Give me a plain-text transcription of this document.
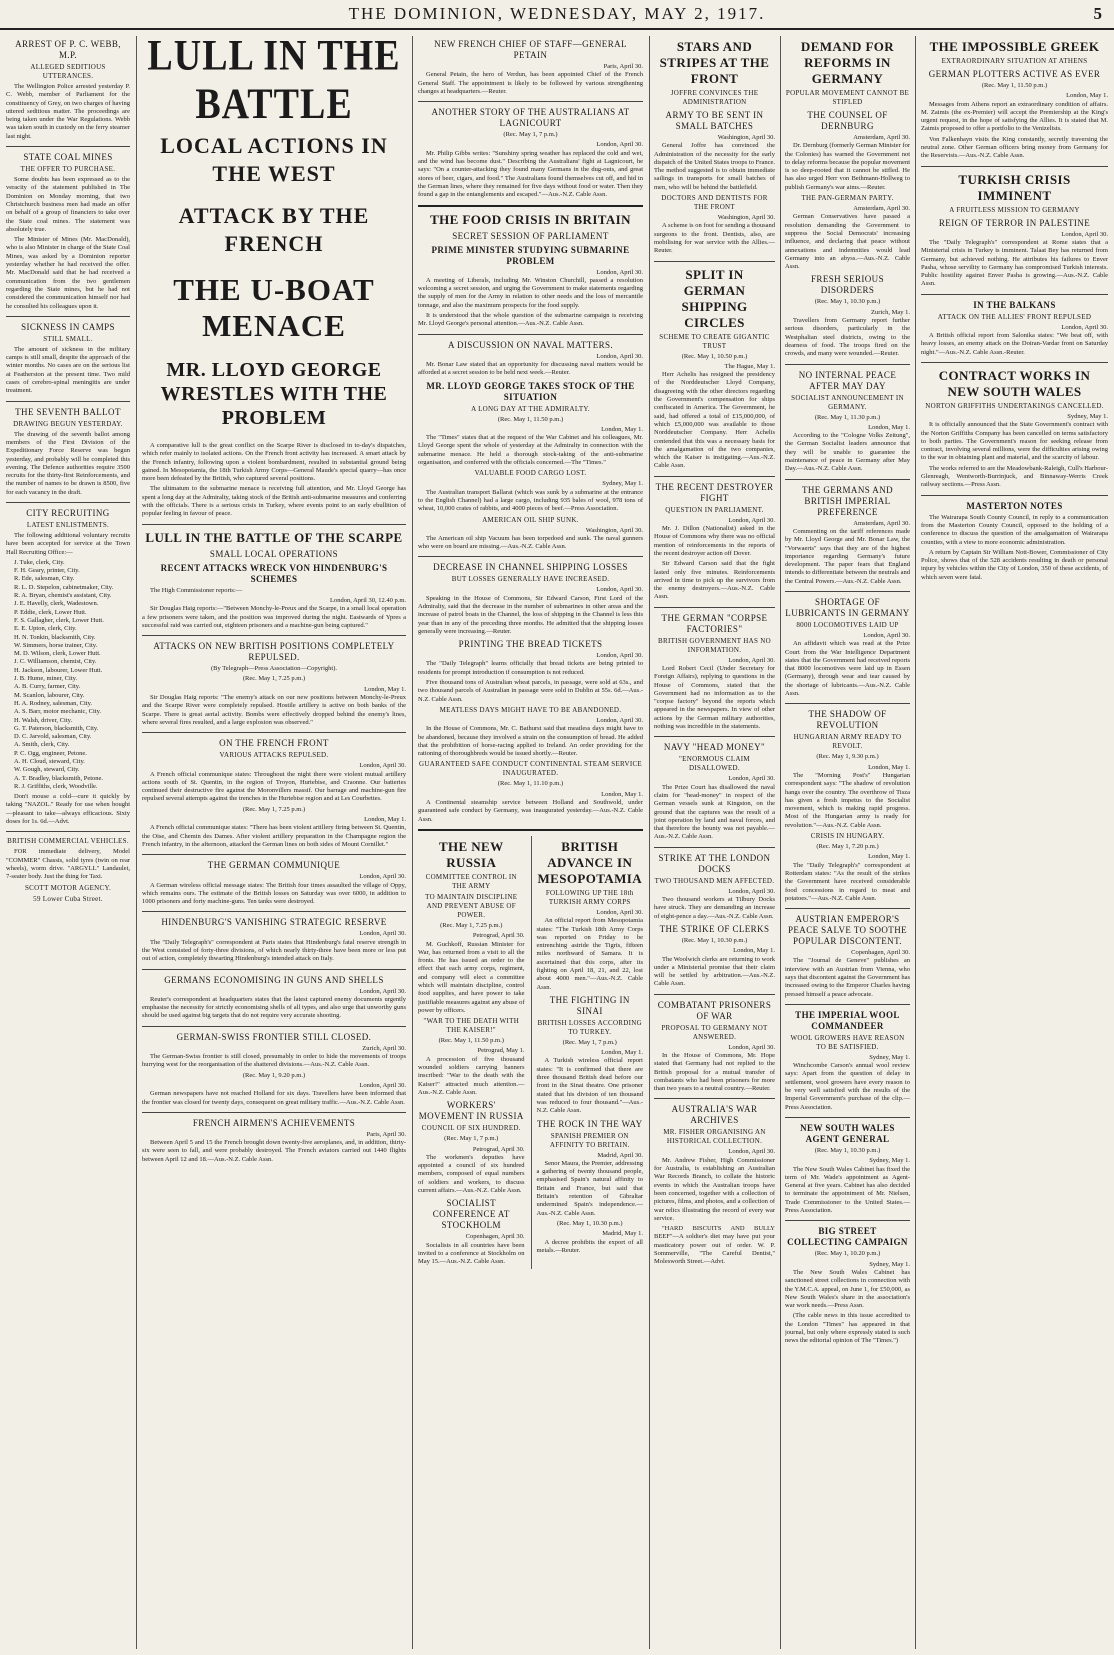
THE DOMINION, WEDNESDAY, MAY 2, 1917.	5
ARREST OF P. C. WEBB, M.P.
ALLEGED SEDITIOUS UTTERANCES.

The Wellington Police arrested yesterday P. C. Webb, member of Parliament for the constituency of Grey, on two charges of having uttered seditious matter. The proceedings are being taken under the War Regulations. Webb was taken south in custody on the ferry steamer last night.

STATE COAL MINES
THE OFFER TO PURCHASE.

Some doubts has been expressed as to the veracity of the statement published in The Dominion on Monday morning, that two Christchurch business men had made an offer on behalf of a group of financiers to take over the State coal mines. The statement was absolutely true.

The Minister of Mines (Mr. MacDonald), who is also Minister in charge of the State Coal Mines, was asked by a Dominion reporter yesterday whether he had received the offer. Mr. MacDonald said that he had received a communication from the two gentlemen regarding the State mines, but he had not considered the communication himself nor had he consulted his colleagues upon it.

SICKNESS IN CAMPS
STILL SMALL.

The amount of sickness in the military camps is still small, despite the approach of the winter months. No cases are on the serious list at Featherston at the present time. Two mild cases of cerebro-spinal meningitis are under treatment.

THE SEVENTH BALLOT
DRAWING BEGUN YESTERDAY.

The drawing of the seventh ballot among members of the First Division of the Expeditionary Force Reserve was begun yesterday, and probably will be completed this evening. The Defence authorities require 3500 recruits for the thirty-first Reinforcements, and the number of names to be drawn is 8500, five for each vacancy in the draft.

CITY RECRUITING
LATEST ENLISTMENTS.

The following additional voluntary recruits have been accepted for service at the Town Hall Recruiting Office:—

J. Tuke, clerk, City.
F. H. Geary, printer, City.
R. Ede, salesman, City.
R. L. D. Stepelon, cabinetmaker, City.
R. A. Bryan, chemist's assistant, City.
J. E. Havelly, clerk, Wadestown.
P. Eddie, clerk, Lower Hutt.
F. S. Gallagher, clerk, Lower Hutt.
E. E. Upton, clerk, City.
H. N. Tonkin, blacksmith, City.
W. Simmers, horse trainer, City.
M. D. Wilson, clerk, Lower Hutt.
J. C. Williamson, chemist, City.
H. Jackson, labourer, Lower Hutt.
J. B. Hume, miner, City.
A. B. Curry, farmer, City.
M. Scanlon, labourer, City.
H. A. Rodney, salesman, City.
A. S. Barr, motor mechanic, City.
H. Walsh, driver, City.
G. T. Paterson, blacksmith, City.
D. C. Jarvold, salesman, City.
A. Smith, clerk, City.
P. C. Ogg, engineer, Petone.
A. H. Cloud, steward, City.
W. Gough, steward, City.
A. T. Bradley, blacksmith, Petone.
R. J. Griffiths, clerk, Woodville.

Don't mouse a cold—cure it quickly by taking "NAZOL." Ready for use when bought—pleasant to take—always efficacious. Sixty doses for 1s. 6d.—Advt.

BRITISH COMMERCIAL VEHICLES.

FOR immediate delivery, Model "COMMER" Chassis, solid tyres (twin on rear wheels), worm drive. "ARGYLL" Landaulet, 7-seater body. Just the thing for Taxi.

SCOTT MOTOR AGENCY.
59 Lower Cuba Street.
LULL IN THE BATTLE
LOCAL ACTIONS IN THE WEST
ATTACK BY THE FRENCH
THE U-BOAT MENACE
MR. LLOYD GEORGE WRESTLES WITH THE PROBLEM

A comparative lull is the great conflict on the Scarpe River is disclosed in to-day's dispatches, which refer mainly to isolated actions. On the French front activity has increased. A smart attack by the French infantry, following upon a violent bombardment, resulted in substantial ground being gained. In Mesopotamia, the 18th Turkish Army Corps—General Maude's special quarry—has once more been defeated by the British, who captured several positions.

The ultimatum to the submarine menace is receiving full attention, and Mr. Lloyd George has spent a long day at the Admiralty, taking stock of the British anti-submarine measures and conferring with the officials. There is a serious crisis in Turkey, where events point to an early ebullition of popular feeling in favour of peace.

LULL IN THE BATTLE OF THE SCARPE
SMALL LOCAL OPERATIONS
RECENT ATTACKS WRECK VON HINDENBURG'S SCHEMES

The High Commissioner reports:—

London, April 30, 12.40 p.m.

Sir Douglas Haig reports:—"Between Monchy-le-Preux and the Scarpe, in a small local operation a few prisoners were taken, and the position was improved during the night. Eastwards of Ypres a successful raid was carried out, eighteen prisoners and a machine-gun being captured."

ATTACKS ON NEW BRITISH POSITIONS COMPLETELY REPULSED.
(By Telegraph—Press Association—Copyright).
(Rec. May 1, 7.25 p.m.)
London, May 1.

Sir Douglas Haig reports: "The enemy's attack on our new positions between Monchy-le-Preux and the Scarpe River were completely repulsed. Hostile artillery is active on both banks of the Scarpe. There is great aerial activity. Bombs were effectively dropped behind the enemy's lines, where several fires resulted, and a large explosion was observed."

ON THE FRENCH FRONT
VARIOUS ATTACKS REPULSED.
London, April 30.

A French official communique states: Throughout the night there were violent mutual artillery actions south of St. Quentin, in the region of Troyon, Hurtebise, and Craonne. Our batteries continued their destructive fire against the Moronvillers massif. Our barrage and machine-gun fire repulsed several attempts against the trenches in the Hurtebise region and at Les Courbettes.

(Rec. May 1, 7.25 p.m.)
London, May 1.

A French official communique states: "There has been violent artillery firing between St. Quentin, the Oise, and Chemin des Dames. After violent artillery preparation in the Champagne region the French infantry, in the afternoon, attacked the German lines on both sides of Mount Cornillet."

THE GERMAN COMMUNIQUE
London, April 30.

A German wireless official message states: The British four times assaulted the village of Oppy, which remains ours. The estimate of the British losses on Saturday was over 6000, in addition to 1000 prisoners and forty machine-guns. Ten tanks were destroyed.

HINDENBURG'S VANISHING STRATEGIC RESERVE
London, April 30.

The "Daily Telegraph's" correspondent at Paris states that Hindenburg's fatal reserve strength in the West consisted of forty-three divisions, of which nearly thirty-three have been more or less put out of action, completely thwarting Hindenburg's intended attack on Italy.

GERMANS ECONOMISING IN GUNS AND SHELLS
London, April 30.

Reuter's correspondent at headquarters states that the latest captured enemy documents urgently emphasise the necessity for strictly economising shells of all types, and also urge that unworthy guns should be used against big targets that do not require very accurate shooting.

GERMAN-SWISS FRONTIER STILL CLOSED.
Zurich, April 30.

The German-Swiss frontier is still closed, presumably in order to hide the movements of troops hurrying west for the reorganisation of the shattered divisions.—Aus.-N.Z. Cable Assn.

(Rec. May 1, 9.20 p.m.)
London, April 30.

German newspapers have not reached Holland for six days. Travellers have been informed that the frontier was closed for twenty days, consequent on great military traffic.—Aus.-N.Z. Cable Assn.

FRENCH AIRMEN'S ACHIEVEMENTS
Paris, April 30.

Between April 5 and 15 the French brought down twenty-five aeroplanes, and, in addition, thirty-six were seen to fall, and were probably destroyed. The French aviators carried out 1440 flights between April 12 and 18.—Aus.-N.Z. Cable Assn.

NEW FRENCH CHIEF OF STAFF—GENERAL PETAIN
Paris, April 30.

General Petain, the hero of Verdun, has been appointed Chief of the French General Staff. The appointment is likely to be followed by various strengthening changes at headquarters.—Reuter.

ANOTHER STORY OF THE AUSTRALIANS AT LAGNICOURT
(Rec. May 1, 7 p.m.)
London, April 30.

Mr. Philip Gibbs writes: "Sunshiny spring weather has replaced the cold and wet, and the wind has become dust." Describing the Australians' fight at Lagnicourt, he says: "On a counter-attacking they found many Germans in the dug-outs, and great stores of beer, cigars, and food." The Australians found themselves cut off, and hid in the German lines, where they remained for five days without food or water. Then they found a gap in the entanglements and escaped."—Aus.-N.Z. Cable Assn.

THE FOOD CRISIS IN BRITAIN
SECRET SESSION OF PARLIAMENT
PRIME MINISTER STUDYING SUBMARINE PROBLEM
London, April 30.

A meeting of Liberals, including Mr. Winston Churchill, passed a resolution welcoming a secret session, and urging the Government to make statements regarding the supply of men for the Army in relation to other needs and the loss of mercantile tonnage, and also the maximum prospects for the food supply.

It is understood that the whole question of the submarine campaign is receiving Mr. Lloyd George's personal attention.—Aus.-N.Z. Cable Assn.

A DISCUSSION ON NAVAL MATTERS.
London, April 30.

Mr. Bonar Law stated that an opportunity for discussing naval matters would be afforded at a secret session to be held next week.—Reuter.

MR. LLOYD GEORGE TAKES STOCK OF THE SITUATION
A LONG DAY AT THE ADMIRALTY.
(Rec. May 1, 11.50 p.m.)
London, May 1.

The "Times" states that at the request of the War Cabinet and his colleagues, Mr. Lloyd George spent the whole of yesterday at the Admiralty in connection with the submarine menace. He held a thorough stock-taking of the anti-submarine organisation, and conferred with the officials concerned.—The "Times."

VALUABLE FOOD CARGO LOST.
Sydney, May 1.

The Australian transport Ballarat (which was sunk by a submarine at the entrance to the English Channel) had a large cargo, including 935 bales of wool, 978 tons of wheat, 10,000 crates of rabbits, and 4000 pieces of beef.—Press Association.

AMERICAN OIL SHIP SUNK.
Washington, April 30.

The American oil ship Vacuum has been torpedoed and sunk. The naval gunners who were on board are missing.—Aus.-N.Z. Cable Assn.

DECREASE IN CHANNEL SHIPPING LOSSES
BUT LOSSES GENERALLY HAVE INCREASED.
London, April 30.

Speaking in the House of Commons, Sir Edward Carson, First Lord of the Admiralty, said that the decrease in the number of submarines in other areas and the increase of patrol boats in the Channel, the loss of shipping in the Channel is less this year than in any of the preceding three months. He admitted that the shipping losses generally were increasing.—Reuter.

PRINTING THE BREAD TICKETS
London, April 30.

The "Daily Telegraph" learns officially that bread tickets are being printed to residents for prompt introduction if consumption is not reduced.

Five thousand tons of Australian wheat parcels, in passage, were sold at 63s., and two thousand parcels of Australian in passage were sold in Dublin at 55s. 6d.—Aus.-N.Z. Cable Assn.

MEATLESS DAYS MIGHT HAVE TO BE ABANDONED.
London, April 30.

In the House of Commons, Mr. C. Bathurst said that meatless days might have to be abandoned, because they involved a strain on the consumption of bread. He added that the prohibition of horse-racing applied to Ireland. An order providing for the rationing of thoroughbreds would be issued shortly.—Reuter.

GUARANTEED SAFE CONDUCT CONTINENTAL STEAM SERVICE INAUGURATED.
(Rec. May 1, 11.10 p.m.)
London, May 1.

A Continental steamship service between Holland and Southwold, under guaranteed safe conduct by Germany, was inaugurated yesterday.—Aus.-N.Z. Cable Assn.

THE NEW RUSSIA
COMMITTEE CONTROL IN THE ARMY
TO MAINTAIN DISCIPLINE AND PREVENT ABUSE OF POWER.
(Rec. May 1, 7.25 p.m.)
Petrograd, April 30.

M. Guchkoff, Russian Minister for War, has returned from a visit to all the fronts. He has issued an order to the effect that each army corps, regiment, and company will elect a committee which will maintain discipline, control food supplies, and have power to take justifiable measures against any abuse of power by officers.

"WAR TO THE DEATH WITH THE KAISER!"
(Rec. May 1, 11.50 p.m.)
Petrograd, May 1.

A procession of five thousand wounded soldiers carrying banners inscribed: "War to the death with the Kaiser!" attracted much attention.—Aus.-N.Z. Cable Assn.

WORKERS' MOVEMENT IN RUSSIA
COUNCIL OF SIX HUNDRED.
(Rec. May 1, 7 p.m.)
Petrograd, April 30.

The workmen's deputies have appointed a council of six hundred members, composed of equal numbers of soldiers and workers, to discuss current affairs.—Aus.-N.Z. Cable Assn.

SOCIALIST CONFERENCE AT STOCKHOLM
Copenhagen, April 30.

Socialists in all countries have been invited to a conference at Stockholm on May 15.—Aus.-N.Z. Cable Assn.

BRITISH ADVANCE IN MESOPOTAMIA
FOLLOWING UP THE 18th TURKISH ARMY CORPS
London, April 30.

An official report from Mesopotamia states: "The Turkish 18th Army Corps was reported on Friday to be entrenching astride the Tigris, fifteen miles northward of Samara. It is ascertained that this corps, after its fighting on April 18, 21, and 22, lost about 4000 men."—Aus.-N.Z. Cable Assn.

THE FIGHTING IN SINAI
BRITISH LOSSES ACCORDING TO TURKEY.
(Rec. May 1, 7 p.m.)
London, May 1.

A Turkish wireless official report states: "It is confirmed that there are three thousand British dead before our front in the Sinai theatre. One prisoner stated that his division of ten thousand was reduced to four thousand."—Aus.-N.Z. Cable Assn.

THE ROCK IN THE WAY
SPANISH PREMIER ON AFFINITY TO BRITAIN.
Madrid, April 30.

Senor Maura, the Premier, addressing a gathering of twenty thousand people, emphasised Spain's natural affinity to Britain and France, but said that Britain's retention of Gibraltar undermined Spain's independence.—Aus.-N.Z. Cable Assn.

(Rec. May 1, 10.30 p.m.)
Madrid, May 1.

A decree prohibits the export of all metals.—Reuter.

STARS AND STRIPES AT THE FRONT
JOFFRE CONVINCES THE ADMINISTRATION
ARMY TO BE SENT IN SMALL BATCHES
Washington, April 30.

General Joffre has convinced the Administration of the necessity for the early dispatch of the United States troops to France. The method suggested is to obtain immediate sailings in transports for small batches of men, who will be behind the battlefield.

DOCTORS AND DENTISTS FOR THE FRONT
Washington, April 30.

A scheme is on foot for sending a thousand surgeons to the front. Dentists, also, are mobilising for war service with the Allies.—Reuter.

SPLIT IN GERMAN SHIPPING CIRCLES
SCHEME TO CREATE GIGANTIC TRUST
(Rec. May 1, 10.50 p.m.)
The Hague, May 1.

Herr Achelis has resigned the presidency of the Norddeutscher Lloyd Company, disagreeing with the other directors regarding the Government's compensation for ships confiscated in America. The Government, he said, had offered a total of £15,000,000, of which £5,000,000 was available to those Norddeutscher Company. Herr Achelis contended that this was a necessary basis for the amalgamation of the two companies, which the Kaiser is instigating.—Aus.-N.Z. Cable Assn.

THE RECENT DESTROYER FIGHT
QUESTION IN PARLIAMENT.
London, April 30.

Mr. J. Dillon (Nationalist) asked in the House of Commons why there was no official mention of reinforcements in the reports of the recent destroyer action off Dover.

Sir Edward Carson said that the fight lasted only five minutes. Reinforcements arrived in time to pick up the survivors from the enemy destroyers.—Aus.-N.Z. Cable Assn.

THE GERMAN "CORPSE FACTORIES"
BRITISH GOVERNMENT HAS NO INFORMATION.
London, April 30.

Lord Robert Cecil (Under Secretary for Foreign Affairs), replying to questions in the House of Commons, stated that the Government had no information as to the "corpse factory" beyond the reports which appeared in the newspapers. In view of other actions by the German military authorities, nothing was incredible in the statements.

NAVY "HEAD MONEY"
"ENORMOUS CLAIM DISALLOWED.
London, April 30.

The Prize Court has disallowed the naval claim for "head-money" in respect of the German vessels sunk at Kingston, on the ground that the captures was the result of a joint operation by land and naval forces, and that therefore the bounty was not payable.—Aus.-N.Z. Cable Assn.

STRIKE AT THE LONDON DOCKS
TWO THOUSAND MEN AFFECTED.
London, April 30.

Two thousand workers at Tilbury Docks have struck. They are demanding an increase of eight-pence a day.—Aus.-N.Z. Cable Assn.

THE STRIKE OF CLERKS
(Rec. May 1, 10.30 p.m.)
London, May 1.

The Woolwich clerks are returning to work under a Ministerial promise that their claim will be settled by arbitration.—Aus.-N.Z. Cable Assn.

COMBATANT PRISONERS OF WAR
PROPOSAL TO GERMANY NOT ANSWERED.
London, April 30.

In the House of Commons, Mr. Hope stated that Germany had not replied to the British proposal for a mutual transfer of combatants who had been prisoners for more than two years to a neutral country.—Reuter.

AUSTRALIA'S WAR ARCHIVES
MR. FISHER ORGANISING AN HISTORICAL COLLECTION.
London, April 30.

Mr. Andrew Fisher, High Commissioner for Australia, is establishing an Australian War Records Branch, to collate the historic events in which the Australian troops have been concerned, together with a collection of pictures, films, and photos, and a collection of war relics illustrating the record of every war service.

"HARD BISCUITS AND BULLY BEEF"—A soldier's diet may have put your masticatory power out of order. W. P. Sommerville, "The Careful Dentist," Molesworth Street.—Advt.

DEMAND FOR REFORMS IN GERMANY
POPULAR MOVEMENT CANNOT BE STIFLED
THE COUNSEL OF DERNBURG
Amsterdam, April 30.

Dr. Dernburg (formerly German Minister for the Colonies) has warned the Government not to delay reforms because the popular movement is so deep-rooted that it cannot be stifled. He has also urged Herr von Bethmann-Hollweg to publish Germany's war aims.—Reuter.

THE PAN-GERMAN PARTY.
Amsterdam, April 30.

German Conservatives have passed a resolution demanding the Government to suppress the Social Democrats' increasing influence, and declaring that peace without annexations and indemnities would lead Germany into an abyss.—Aus.-N.Z. Cable Assn.

FRESH SERIOUS DISORDERS
(Rec. May 1, 10.30 p.m.)
Zurich, May 1.

Travellers from Germany report further serious disorders, particularly in the Westphalian steel districts, owing to the dearness of food. The troops fired on the crowds, and many were wounded.—Reuter.

NO INTERNAL PEACE AFTER MAY DAY
SOCIALIST ANNOUNCEMENT IN GERMANY.
(Rec. May 1, 11.30 p.m.)
London, May 1.

According to the "Cologne Volks Zeitung", the German Socialist leaders announce that they will be unable to guarantee the maintenance of peace in Germany after May Day.—Aus.-N.Z. Cable Assn.

THE GERMANS AND BRITISH IMPERIAL PREFERENCE
Amsterdam, April 30.

Commenting on the tariff references made by Mr. Lloyd George and Mr. Bonar Law, the "Vorwaerts" says that they are of the highest importance regarding Germany's future development. The paper fears that England intends to differentiate between the neutrals and the Central Powers.—Aus.-N.Z. Cable Assn.

SHORTAGE OF LUBRICANTS IN GERMANY
8000 LOCOMOTIVES LAID UP
London, April 30.

An affidavit which was read at the Prize Court from the War Intelligence Department states that the Government had received reports that 8000 locomotives were laid up in Essen (Germany), through wear and tear caused by the shortage of lubricants.—Aus.-N.Z. Cable Assn.

THE SHADOW OF REVOLUTION
HUNGARIAN ARMY READY TO REVOLT.
(Rec. May 1, 9.30 p.m.)
London, May 1.

The "Morning Post's" Hungarian correspondent says: "The shadow of revolution hangs over the country. The overthrow of Tisza has given a fresh impetus to the Socialist movement, which is making rapid progress. Most of the Hungarian army is ready for revolution."—Aus.-N.Z. Cable Assn.

CRISIS IN HUNGARY.
(Rec. May 1, 7.20 p.m.)
London, May 1.

The "Daily Telegraph's" correspondent at Rotterdam states: "As the result of the strikes the Government have received considerable food concessions in regard to meat and potatoes."—Aus.-N.Z. Cable Assn.

AUSTRIAN EMPEROR'S PEACE SALVE TO SOOTHE POPULAR DISCONTENT.
Copenhagen, April 30.

The "Journal de Geneve" publishes an interview with an Austrian from Vienna, who says that discontent against the Government has increased owing to the Emperor Charles having pressed himself a peace advocate.

THE IMPERIAL WOOL COMMANDEER
WOOL GROWERS HAVE REASON TO BE SATISFIED.
Sydney, May 1.

Winchcombe Carson's annual wool review says: Apart from the question of delay in settlement, wool growers have every reason to be very well satisfied with the results of the Imperial Government's purchase of the clip.—Press Association.

NEW SOUTH WALES AGENT GENERAL
(Rec. May 1, 10.30 p.m.)
Sydney, May 1.

The New South Wales Cabinet has fixed the term of Mr. Wade's appointment as Agent-General at five years. Cabinet has also decided to terminate the appointment of Mr. Nielsen, Trade Commissioner to the United States.—Press Association.

BIG STREET COLLECTING CAMPAIGN
(Rec. May 1, 10.20 p.m.)
Sydney, May 1.

The New South Wales Cabinet has sanctioned street collections in connection with the Y.M.C.A. appeal, on June 1, for £50,000, as New South Wales's share in the association's war work needs.—Press Assn.

(The cable news in this issue accredited to the London "Times" has appeared in that journal, but only where expressly stated is such news the editorial opinion of The "Times.")

THE IMPOSSIBLE GREEK
EXTRAORDINARY SITUATION AT ATHENS
GERMAN PLOTTERS ACTIVE AS EVER
(Rec. May 1, 11.50 p.m.)
London, May 1.

Messages from Athens report an extraordinary condition of affairs. M. Zaimis (the ex-Premier) will accept the Premiership at the King's urgent request, in the hope of satisfying the Allies. It is stated that M. Zaimis proposed to offer a portfolio to the Venizelists.

Von Falkenhayn visits the King constantly, secretly traversing the neutral zone. Other German officers bring money from Germany for the Reservists.—Aus.-N.Z. Cable Assn.

TURKISH CRISIS IMMINENT
A FRUITLESS MISSION TO GERMANY
REIGN OF TERROR IN PALESTINE
London, April 30.

The "Daily Telegraph's" correspondent at Rome states that a Ministerial crisis in Turkey is imminent. Talaat Bey has returned from Germany, but achieved nothing. He attributes his failures to Enver Pasha, whose servility to Germany has compromised Turkish interests. Public hostility against Enver Pasha is growing.—Aus.-N.Z. Cable Assn.

IN THE BALKANS
ATTACK ON THE ALLIES' FRONT REPULSED
London, April 30.

A British official report from Salonika states: "We beat off, with heavy losses, an enemy attack on the Doiran-Vardar front on Saturday night."—Aus.-N.Z. Cable Assn.-Reuter.

CONTRACT WORKS IN NEW SOUTH WALES
NORTON GRIFFITHS UNDERTAKINGS CANCELLED.
Sydney, May 1.

It is officially announced that the State Government's contract with the Norton Griffiths Company has been cancelled on terms satisfactory to both parties. The Government's reason for seeking release from contract, involving several millions, were the difficulties arising owing to the war in obtaining plant and material, and the scarcity of labour.

The works referred to are the Meadowbank-Raleigh, Cull's Harbour-Glenreagh, Wentworth-Burrinjuck, and Binnaway-Werris Creek railway sections.—Press Assn.

MASTERTON NOTES

The Wairarapa South County Council, in reply to a communication from the Masterton County Council, opposed to the holding of a conference to discuss the question of the amalgamation of Wairarapa counties, with a view to more economic administration.

A return by Captain Sir William Nott-Bower, Commissioner of City Police, shows that of the 528 accidents resulting in death or personal injury by vehicles within the City of London, 350 of these accidents, of which seven were fatal.
